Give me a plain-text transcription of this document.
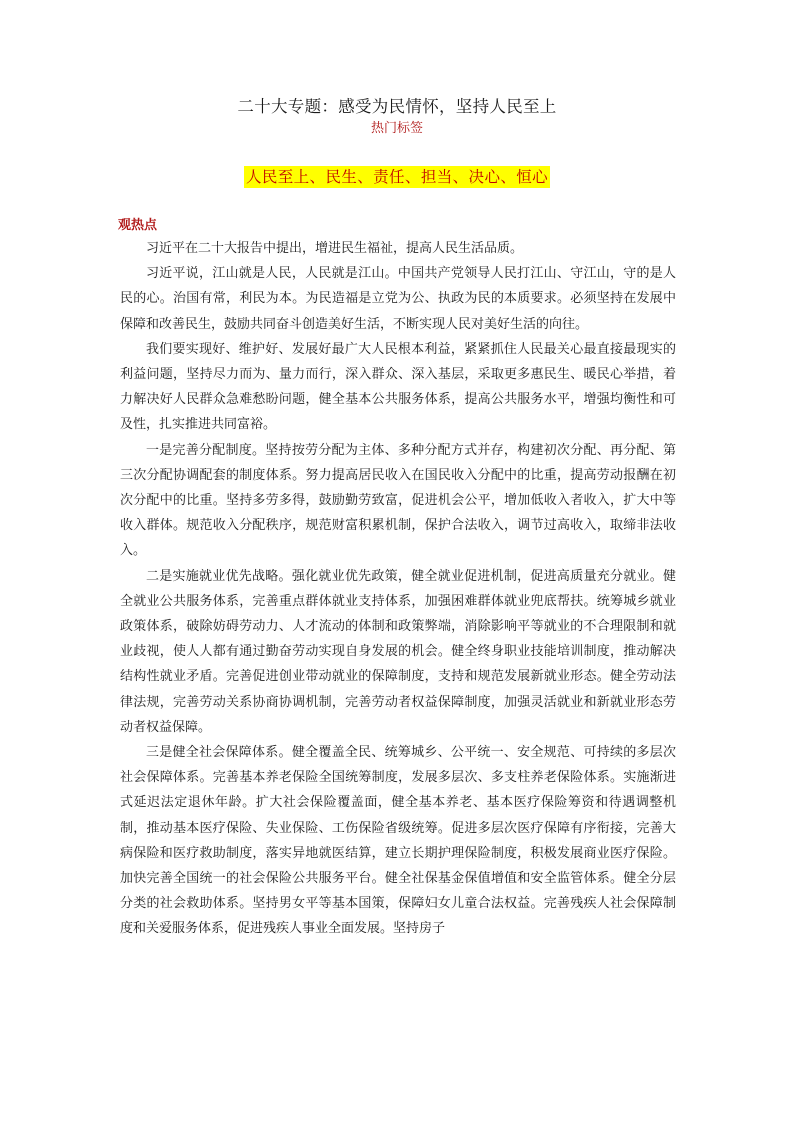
二十大专题：感受为民情怀，坚持人民至上
热门标签
人民至上、民生、责任、担当、决心、恒心
观热点

习近平在二十大报告中提出，增进民生福祉，提高人民生活品质。

习近平说，江山就是人民，人民就是江山。中国共产党领导人民打江山、守江山，守的是人民的心。治国有常，利民为本。为民造福是立党为公、执政为民的本质要求。必须坚持在发展中保障和改善民生，鼓励共同奋斗创造美好生活，不断实现人民对美好生活的向往。

我们要实现好、维护好、发展好最广大人民根本利益，紧紧抓住人民最关心最直接最现实的利益问题，坚持尽力而为、量力而行，深入群众、深入基层，采取更多惠民生、暖民心举措，着力解决好人民群众急难愁盼问题，健全基本公共服务体系，提高公共服务水平，增强均衡性和可及性，扎实推进共同富裕。

一是完善分配制度。坚持按劳分配为主体、多种分配方式并存，构建初次分配、再分配、第三次分配协调配套的制度体系。努力提高居民收入在国民收入分配中的比重，提高劳动报酬在初次分配中的比重。坚持多劳多得，鼓励勤劳致富，促进机会公平，增加低收入者收入，扩大中等收入群体。规范收入分配秩序，规范财富积累机制，保护合法收入，调节过高收入，取缔非法收入。

二是实施就业优先战略。强化就业优先政策，健全就业促进机制，促进高质量充分就业。健全就业公共服务体系，完善重点群体就业支持体系，加强困难群体就业兜底帮扶。统筹城乡就业政策体系，破除妨碍劳动力、人才流动的体制和政策弊端，消除影响平等就业的不合理限制和就业歧视，使人人都有通过勤奋劳动实现自身发展的机会。健全终身职业技能培训制度，推动解决结构性就业矛盾。完善促进创业带动就业的保障制度，支持和规范发展新就业形态。健全劳动法律法规，完善劳动关系协商协调机制，完善劳动者权益保障制度，加强灵活就业和新就业形态劳动者权益保障。

三是健全社会保障体系。健全覆盖全民、统筹城乡、公平统一、安全规范、可持续的多层次社会保障体系。完善基本养老保险全国统筹制度，发展多层次、多支柱养老保险体系。实施渐进式延迟法定退休年龄。扩大社会保险覆盖面，健全基本养老、基本医疗保险筹资和待遇调整机制，推动基本医疗保险、失业保险、工伤保险省级统筹。促进多层次医疗保障有序衔接，完善大病保险和医疗救助制度，落实异地就医结算，建立长期护理保险制度，积极发展商业医疗保险。加快完善全国统一的社会保险公共服务平台。健全社保基金保值增值和安全监管体系。健全分层分类的社会救助体系。坚持男女平等基本国策，保障妇女儿童合法权益。完善残疾人社会保障制度和关爱服务体系，促进残疾人事业全面发展。坚持房子
